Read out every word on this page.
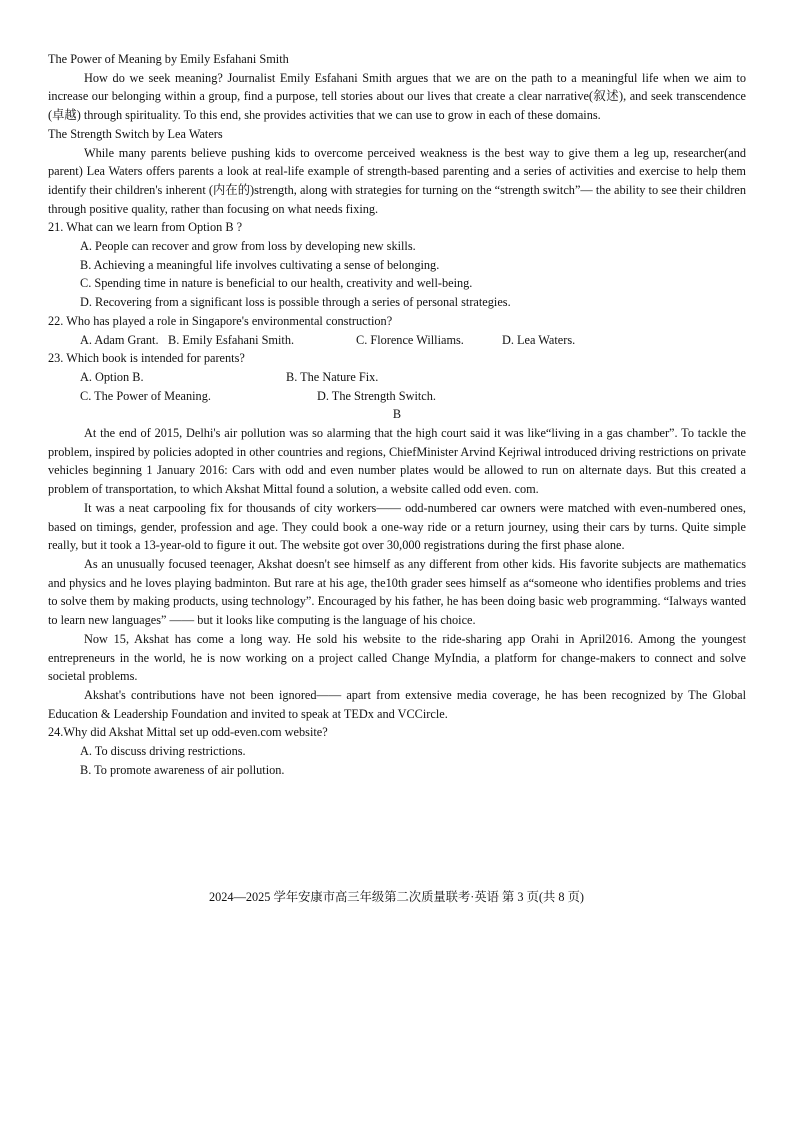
The Power of Meaning by Emily Esfahani Smith

How do we seek meaning? Journalist Emily Esfahani Smith argues that we are on the path to a meaningful life when we aim to increase our belonging within a group, find a purpose, tell stories about our lives that create a clear narrative(叙述), and seek transcendence (卓越) through spirituality. To this end, she provides activities that we can use to grow in each of these domains.

The Strength Switch by Lea Waters

While many parents believe pushing kids to overcome perceived weakness is the best way to give them a leg up, researcher(and parent) Lea Waters offers parents a look at real-life example of strength-based parenting and a series of activities and exercise to help them identify their children's inherent (内在的)strength, along with strategies for turning on the “strength switch”— the ability to see their children through positive quality, rather than focusing on what needs fixing.

21. What can we learn from Option B ?

A. People can recover and grow from loss by developing new skills.

B. Achieving a meaningful life involves cultivating a sense of belonging.

C. Spending time in nature is beneficial to our health, creativity and well-being.

D. Recovering from a significant loss is possible through a series of personal strategies.

22. Who has played a role in Singapore's environmental construction?

A. Adam Grant. B. Emily Esfahani Smith.	C. Florence Williams.	D. Lea Waters.

23. Which book is intended for parents?

A. Option B.	B. The Nature Fix.
C. The Power of Meaning.	D. The Strength Switch.

B

At the end of 2015, Delhi's air pollution was so alarming that the high court said it was like“living in a gas chamber”. To tackle the problem, inspired by policies adopted in other countries and regions, ChiefMinister Arvind Kejriwal introduced driving restrictions on private vehicles beginning 1 January 2016: Cars with odd and even number plates would be allowed to run on alternate days. But this created a problem of transportation, to which Akshat Mittal found a solution, a website called odd even. com.

It was a neat carpooling fix for thousands of city workers—— odd-numbered car owners were matched with even-numbered ones, based on timings, gender, profession and age. They could book a one-way ride or a return journey, using their cars by turns. Quite simple really, but it took a 13-year-old to figure it out. The website got over 30,000 registrations during the first phase alone.

As an unusually focused teenager, Akshat doesn't see himself as any different from other kids. His favorite subjects are mathematics and physics and he loves playing badminton. But rare at his age, the10th grader sees himself as a“someone who identifies problems and tries to solve them by making products, using technology”. Encouraged by his father, he has been doing basic web programming. “Ialways wanted to learn new languages” —— but it looks like computing is the language of his choice.

Now 15, Akshat has come a long way. He sold his website to the ride-sharing app Orahi in April2016. Among the youngest entrepreneurs in the world, he is now working on a project called Change MyIndia, a platform for change-makers to connect and solve societal problems.

Akshat's contributions have not been ignored—— apart from extensive media coverage, he has been recognized by The Global Education & Leadership Foundation and invited to speak at TEDx and VCCircle.

24.Why did Akshat Mittal set up odd-even.com website?

A. To discuss driving restrictions.

B. To promote awareness of air pollution.

2024—2025 学年安康市高三年级第二次质量联考·英语 第 3 页(共 8 页)
